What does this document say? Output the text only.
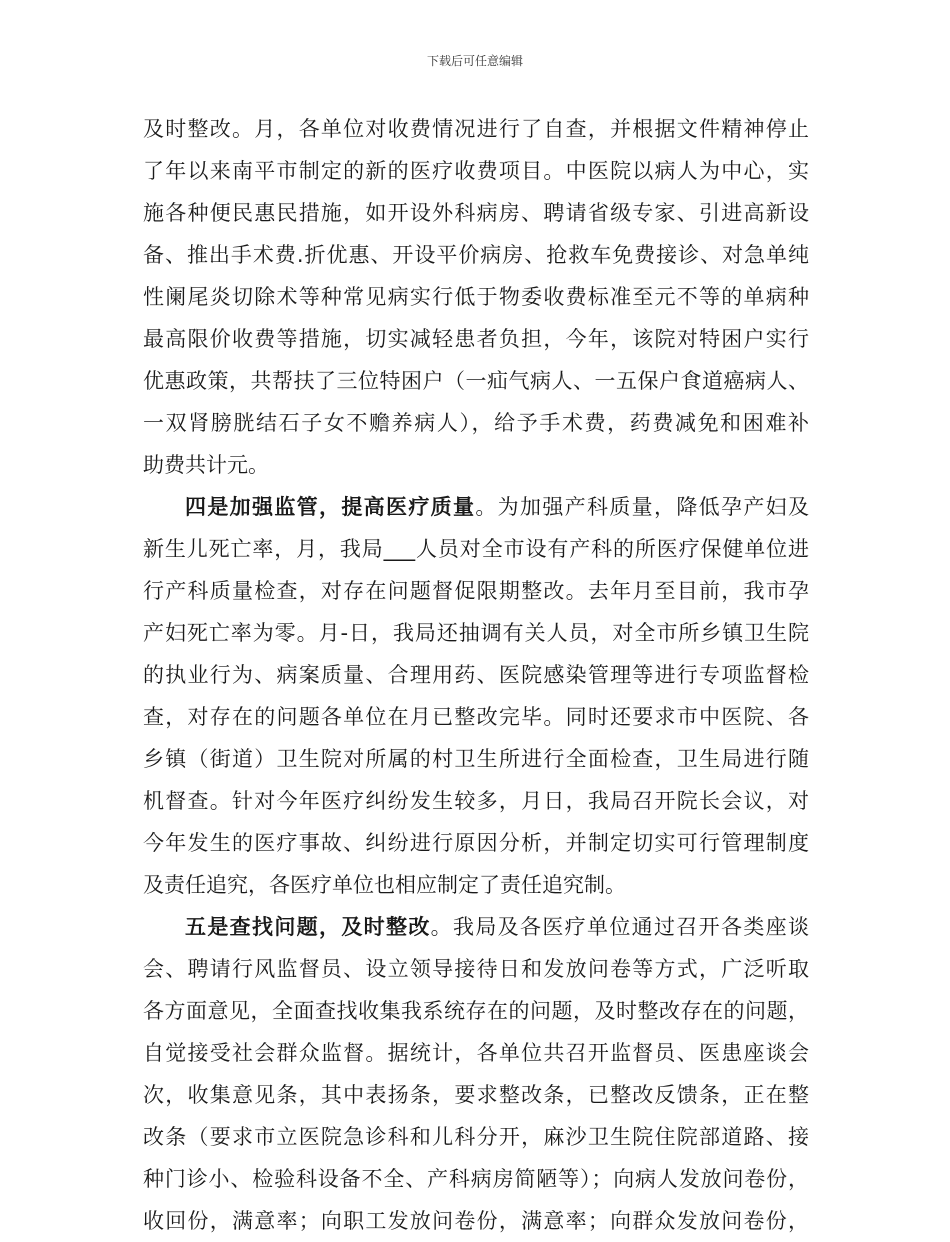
下载后可任意编辑
及时整改。月，各单位对收费情况进行了自查，并根据文件精神停止
了年以来南平市制定的新的医疗收费项目。中医院以病人为中心，实
施各种便民惠民措施，如开设外科病房、聘请省级专家、引进高新设
备、推出手术费.折优惠、开设平价病房、抢救车免费接诊、对急单纯
性阑尾炎切除术等种常见病实行低于物委收费标准至元不等的单病种
最高限价收费等措施，切实减轻患者负担，今年，该院对特困户实行
优惠政策，共帮扶了三位特困户（一疝气病人、一五保户食道癌病人、
一双肾膀胱结石子女不赡养病人），给予手术费，药费减免和困难补
助费共计元。
四是加强监管，提高医疗质量。为加强产科质量，降低孕产妇及
新生儿死亡率，月，我局___人员对全市设有产科的所医疗保健单位进
行产科质量检查，对存在问题督促限期整改。去年月至目前，我市孕
产妇死亡率为零。月-日，我局还抽调有关人员，对全市所乡镇卫生院
的执业行为、病案质量、合理用药、医院感染管理等进行专项监督检
查，对存在的问题各单位在月已整改完毕。同时还要求市中医院、各
乡镇（街道）卫生院对所属的村卫生所进行全面检查，卫生局进行随
机督查。针对今年医疗纠纷发生较多，月日，我局召开院长会议，对
今年发生的医疗事故、纠纷进行原因分析，并制定切实可行管理制度
及责任追究，各医疗单位也相应制定了责任追究制。
五是查找问题，及时整改。我局及各医疗单位通过召开各类座谈
会、聘请行风监督员、设立领导接待日和发放问卷等方式，广泛听取
各方面意见，全面查找收集我系统存在的问题，及时整改存在的问题，
自觉接受社会群众监督。据统计，各单位共召开监督员、医患座谈会
次，收集意见条，其中表扬条，要求整改条，已整改反馈条，正在整
改条（要求市立医院急诊科和儿科分开，麻沙卫生院住院部道路、接
种门诊小、检验科设备不全、产科病房简陋等）；向病人发放问卷份，
收回份，满意率；向职工发放问卷份，满意率；向群众发放问卷份，
